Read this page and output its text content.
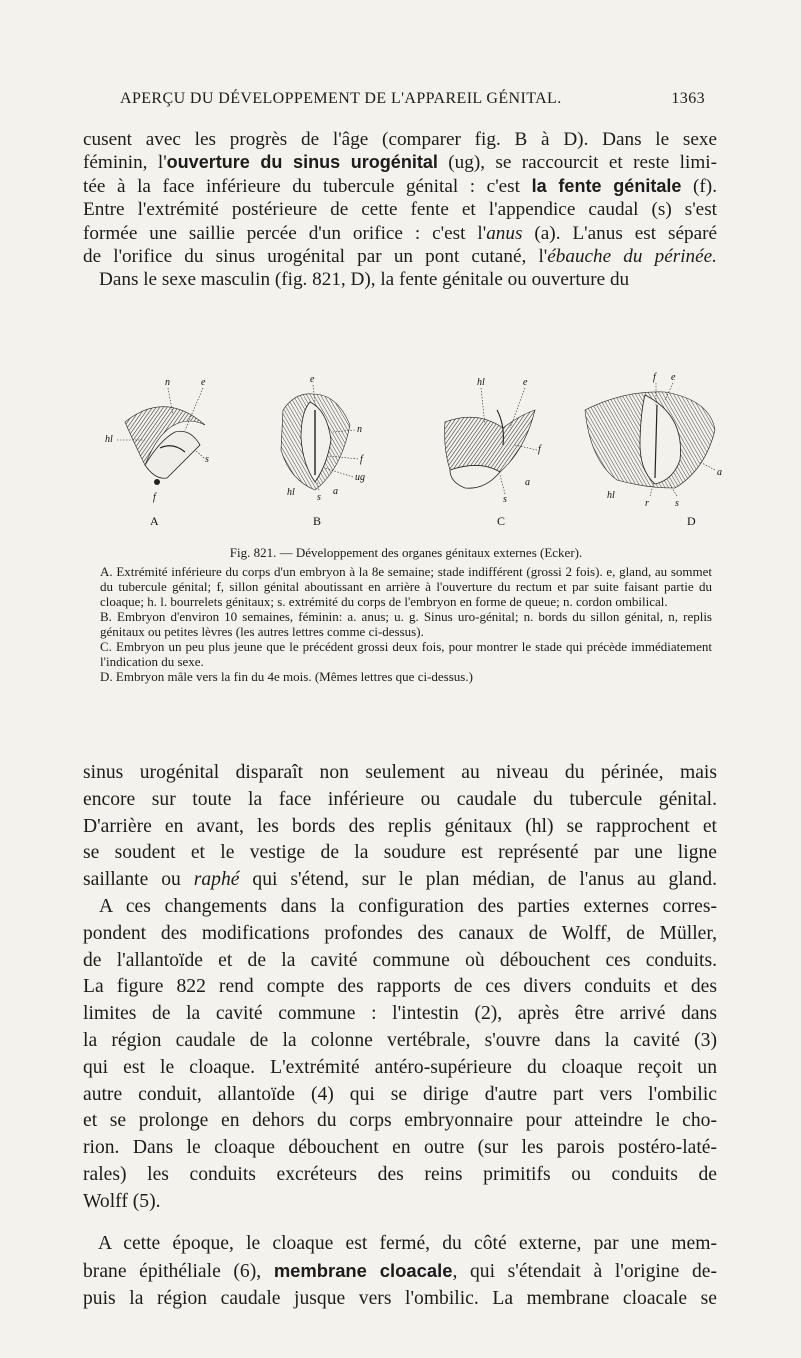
APERÇU DU DÉVELOPPEMENT DE L'APPAREIL GÉNITAL.	1363
cusent avec les progrès de l'âge (comparer fig. B à D). Dans le sexe
féminin, l'ouverture du sinus urogénital (ug), se raccourcit et reste limi-
tée à la face inférieure du tubercule génital : c'est la fente génitale (f).
Entre l'extrémité postérieure de cette fente et l'appendice caudal (s) s'est
formée une saillie percée d'un orifice : c'est l'anus (a). L'anus est séparé
de l'orifice du sinus urogénital par un pont cutané, l'ébauche du périnée.
Dans le sexe masculin (fig. 821, D), la fente génitale ou ouverture du
n	e
hl
f
s
A
e
n
f
ug
hl s
a
B
hl	e
f
a
s
C
f e
hl
r	s
a
D
Fig. 821. — Développement des organes génitaux externes (Ecker).

A. Extrémité inférieure du corps d'un embryon à la 8e semaine; stade indifférent (grossi 2 fois). e, gland, au sommet du tubercule génital; f, sillon génital aboutissant en arrière à l'ouverture du rectum et par suite faisant partie du cloaque; h. l. bourrelets génitaux; s. extrémité du corps de l'embryon en forme de queue; n. cordon ombilical.

B. Embryon d'environ 10 semaines, féminin: a. anus; u. g. Sinus uro-génital; n. bords du sillon génital, n, replis génitaux ou petites lèvres (les autres lettres comme ci-dessus).

C. Embryon un peu plus jeune que le précédent grossi deux fois, pour montrer le stade qui précède immédiatement l'indication du sexe.

D. Embryon mâle vers la fin du 4e mois. (Mêmes lettres que ci-dessus.)

sinus urogénital disparaît non seulement au niveau du périnée, mais
encore sur toute la face inférieure ou caudale du tubercule génital.
D'arrière en avant, les bords des replis génitaux (hl) se rapprochent et
se soudent et le vestige de la soudure est représenté par une ligne
saillante ou raphé qui s'étend, sur le plan médian, de l'anus au gland.
A ces changements dans la configuration des parties externes corres-
pondent des modifications profondes des canaux de Wolff, de Müller,
de l'allantoïde et de la cavité commune où débouchent ces conduits.
La figure 822 rend compte des rapports de ces divers conduits et des
limites de la cavité commune : l'intestin (2), après être arrivé dans
la région caudale de la colonne vertébrale, s'ouvre dans la cavité (3)
qui est le cloaque. L'extrémité antéro-supérieure du cloaque reçoit un
autre conduit, allantoïde (4) qui se dirige d'autre part vers l'ombilic
et se prolonge en dehors du corps embryonnaire pour atteindre le cho-
rion. Dans le cloaque débouchent en outre (sur les parois postéro-laté-
rales) les conduits excréteurs des reins primitifs ou conduits de
Wolff (5).
A cette époque, le cloaque est fermé, du côté externe, par une mem-
brane épithéliale (6), membrane cloacale, qui s'étendait à l'origine de-
puis la région caudale jusque vers l'ombilic. La membrane cloacale se
